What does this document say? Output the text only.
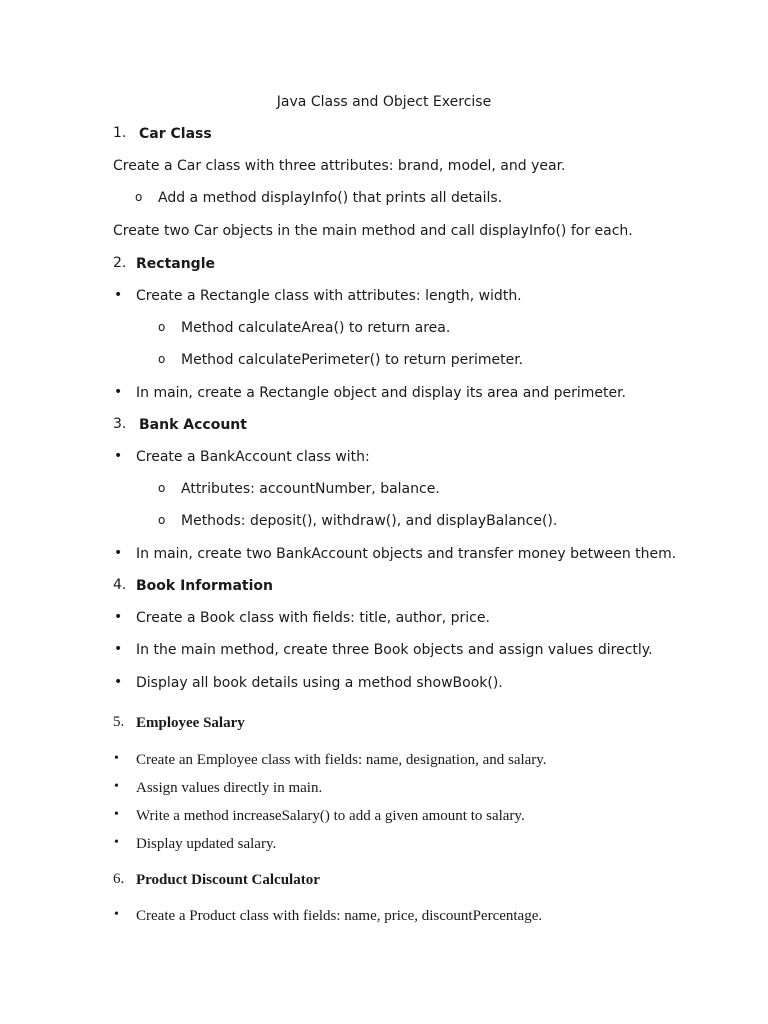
Java Class and Object Exercise
1. Car Class
Create a Car class with three attributes: brand, model, and year.
o Add a method displayInfo() that prints all details.
Create two Car objects in the main method and call displayInfo() for each.
2. Rectangle
• Create a Rectangle class with attributes: length, width.
o Method calculateArea() to return area.
o Method calculatePerimeter() to return perimeter.
• In main, create a Rectangle object and display its area and perimeter.
3. Bank Account
• Create a BankAccount class with:
o Attributes: accountNumber, balance.
o Methods: deposit(), withdraw(), and displayBalance().
• In main, create two BankAccount objects and transfer money between them.
4. Book Information
• Create a Book class with fields: title, author, price.
• In the main method, create three Book objects and assign values directly.
• Display all book details using a method showBook().
5. Employee Salary
• Create an Employee class with fields: name, designation, and salary.
• Assign values directly in main.
• Write a method increaseSalary() to add a given amount to salary.
• Display updated salary.
6. Product Discount Calculator
• Create a Product class with fields: name, price, discountPercentage.
